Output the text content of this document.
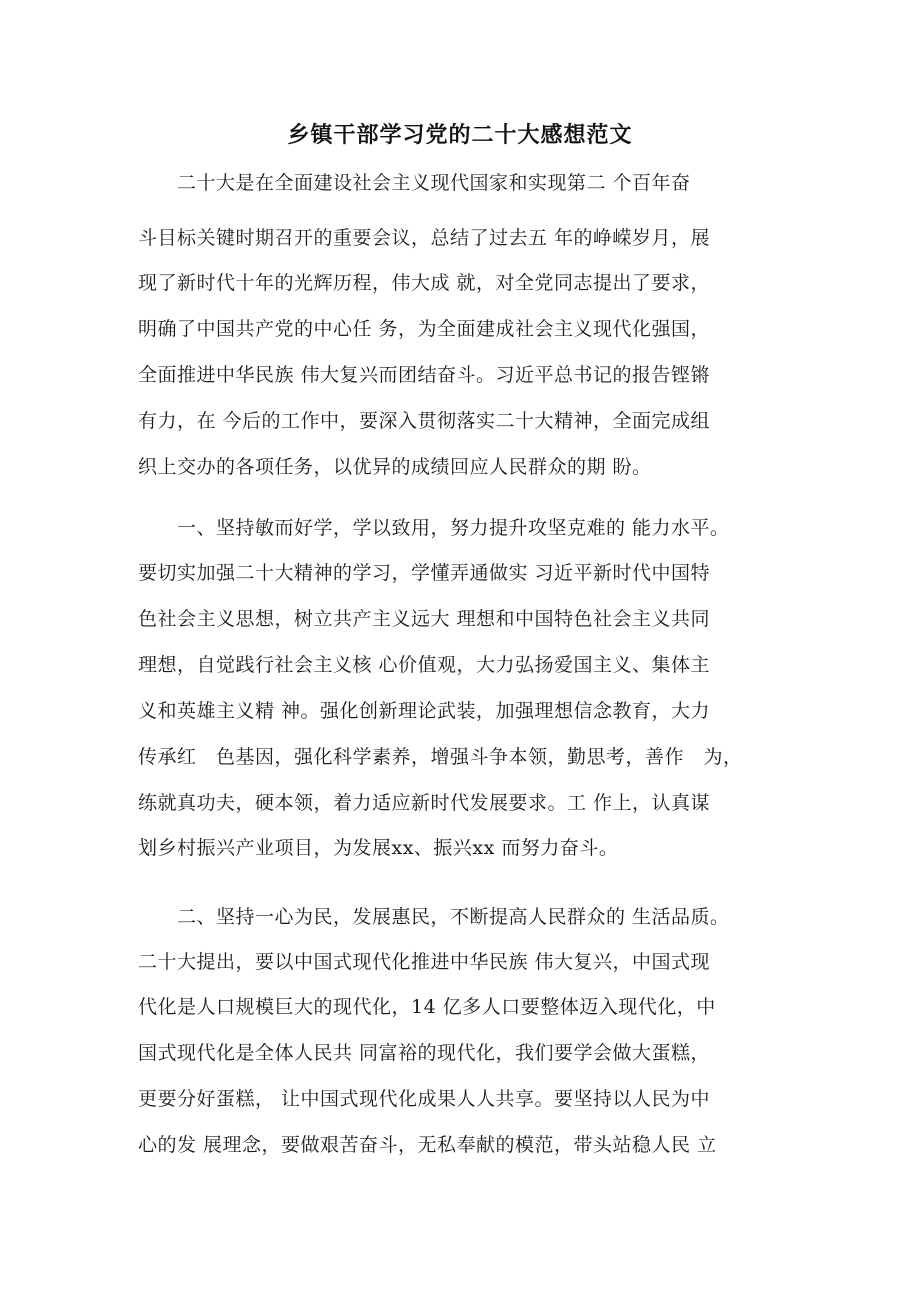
乡镇干部学习党的二十大感想范文
　　二十大是在全面建设社会主义现代国家和实现第二 个百年奋
斗目标关键时期召开的重要会议，总结了过去五 年的峥嵘岁月，展
现了新时代十年的光辉历程，伟大成 就，对全党同志提出了要求，
明确了中国共产党的中心任 务，为全面建成社会主义现代化强国，
全面推进中华民族 伟大复兴而团结奋斗。习近平总书记的报告铿锵
有力，在 今后的工作中，要深入贯彻落实二十大精神，全面完成组
织上交办的各项任务，以优异的成绩回应人民群众的期 盼。
　　一、坚持敏而好学，学以致用，努力提升攻坚克难的 能力水平。
要切实加强二十大精神的学习，学懂弄通做实 习近平新时代中国特
色社会主义思想，树立共产主义远大 理想和中国特色社会主义共同
理想，自觉践行社会主义核 心价值观，大力弘扬爱国主义、集体主
义和英雄主义精 神。强化创新理论武装，加强理想信念教育，大力
传承红　色基因，强化科学素养，增强斗争本领，勤思考，善作　为，
练就真功夫，硬本领，着力适应新时代发展要求。工 作上，认真谋
划乡村振兴产业项目，为发展xx、振兴xx 而努力奋斗。
　　二、坚持一心为民，发展惠民，不断提高人民群众的 生活品质。
二十大提出，要以中国式现代化推进中华民族 伟大复兴，中国式现
代化是人口规模巨大的现代化，14 亿多人口要整体迈入现代化，中
国式现代化是全体人民共 同富裕的现代化，我们要学会做大蛋糕，
更要分好蛋糕， 让中国式现代化成果人人共享。要坚持以人民为中
心的发 展理念，要做艰苦奋斗，无私奉献的模范，带头站稳人民 立
